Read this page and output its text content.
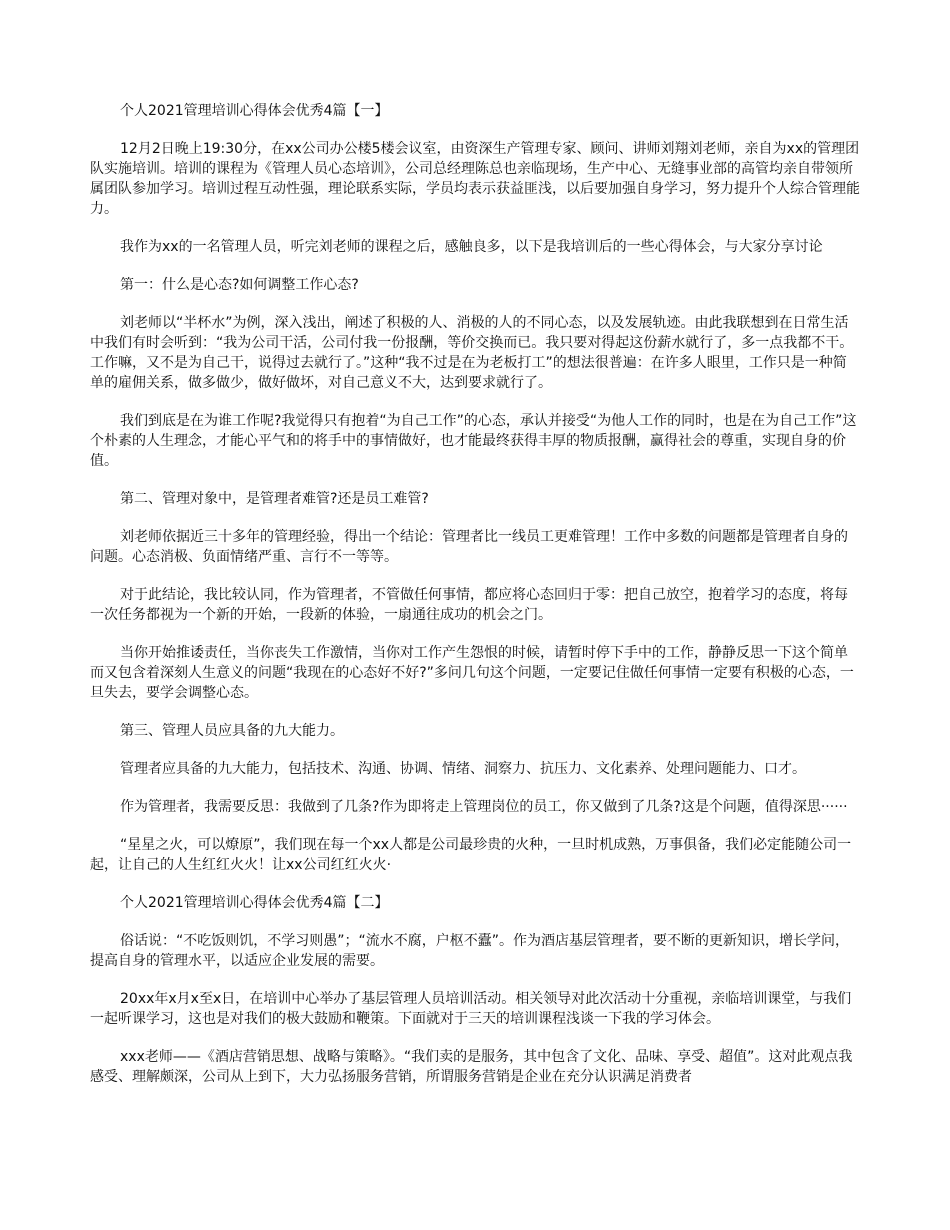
个人2021管理培训心得体会优秀4篇【一】

12月2日晚上19:30分，在xx公司办公楼5楼会议室，由资深生产管理专家、顾问、讲师刘翔刘老师，亲自为xx的管理团队实施培训。培训的课程为《管理人员心态培训》，公司总经理陈总也亲临现场，生产中心、无缝事业部的高管均亲自带领所属团队参加学习。培训过程互动性强，理论联系实际，学员均表示获益匪浅，以后要加强自身学习，努力提升个人综合管理能力。

我作为xx的一名管理人员，听完刘老师的课程之后，感触良多，以下是我培训后的一些心得体会，与大家分享讨论

第一：什么是心态?如何调整工作心态?

刘老师以“半杯水”为例，深入浅出，阐述了积极的人、消极的人的不同心态，以及发展轨迹。由此我联想到在日常生活中我们有时会听到：“我为公司干活，公司付我一份报酬，等价交换而已。我只要对得起这份薪水就行了，多一点我都不干。工作嘛，又不是为自己干，说得过去就行了。”这种“我不过是在为老板打工”的想法很普遍：在许多人眼里，工作只是一种简单的雇佣关系，做多做少，做好做坏，对自己意义不大，达到要求就行了。

我们到底是在为谁工作呢?我觉得只有抱着“为自己工作”的心态，承认并接受“为他人工作的同时，也是在为自己工作”这个朴素的人生理念，才能心平气和的将手中的事情做好，也才能最终获得丰厚的物质报酬，赢得社会的尊重，实现自身的价值。

第二、管理对象中，是管理者难管?还是员工难管?

刘老师依据近三十多年的管理经验，得出一个结论：管理者比一线员工更难管理！工作中多数的问题都是管理者自身的问题。心态消极、负面情绪严重、言行不一等等。

对于此结论，我比较认同，作为管理者，不管做任何事情，都应将心态回归于零：把自己放空，抱着学习的态度，将每一次任务都视为一个新的开始，一段新的体验，一扇通往成功的机会之门。

当你开始推诿责任，当你丧失工作激情，当你对工作产生怨恨的时候，请暂时停下手中的工作，静静反思一下这个简单而又包含着深刻人生意义的问题“我现在的心态好不好?”多问几句这个问题，一定要记住做任何事情一定要有积极的心态，一旦失去，要学会调整心态。

第三、管理人员应具备的九大能力。

管理者应具备的九大能力，包括技术、沟通、协调、情绪、洞察力、抗压力、文化素养、处理问题能力、口才。

作为管理者，我需要反思：我做到了几条?作为即将走上管理岗位的员工，你又做到了几条?这是个问题，值得深思······

“星星之火，可以燎原”，我们现在每一个xx人都是公司最珍贵的火种，一旦时机成熟，万事俱备，我们必定能随公司一起，让自己的人生红红火火！让xx公司红红火火·

个人2021管理培训心得体会优秀4篇【二】

俗话说：“不吃饭则饥，不学习则愚”；“流水不腐，户枢不蠹”。作为酒店基层管理者，要不断的更新知识，增长学问，提高自身的管理水平，以适应企业发展的需要。

20xx年x月x至x日，在培训中心举办了基层管理人员培训活动。相关领导对此次活动十分重视，亲临培训课堂，与我们一起听课学习，这也是对我们的极大鼓励和鞭策。下面就对于三天的培训课程浅谈一下我的学习体会。

xxx老师——《酒店营销思想、战略与策略》。“我们卖的是服务，其中包含了文化、品味、享受、超值”。这对此观点我感受、理解颇深，公司从上到下，大力弘扬服务营销，所谓服务营销是企业在充分认识满足消费者
